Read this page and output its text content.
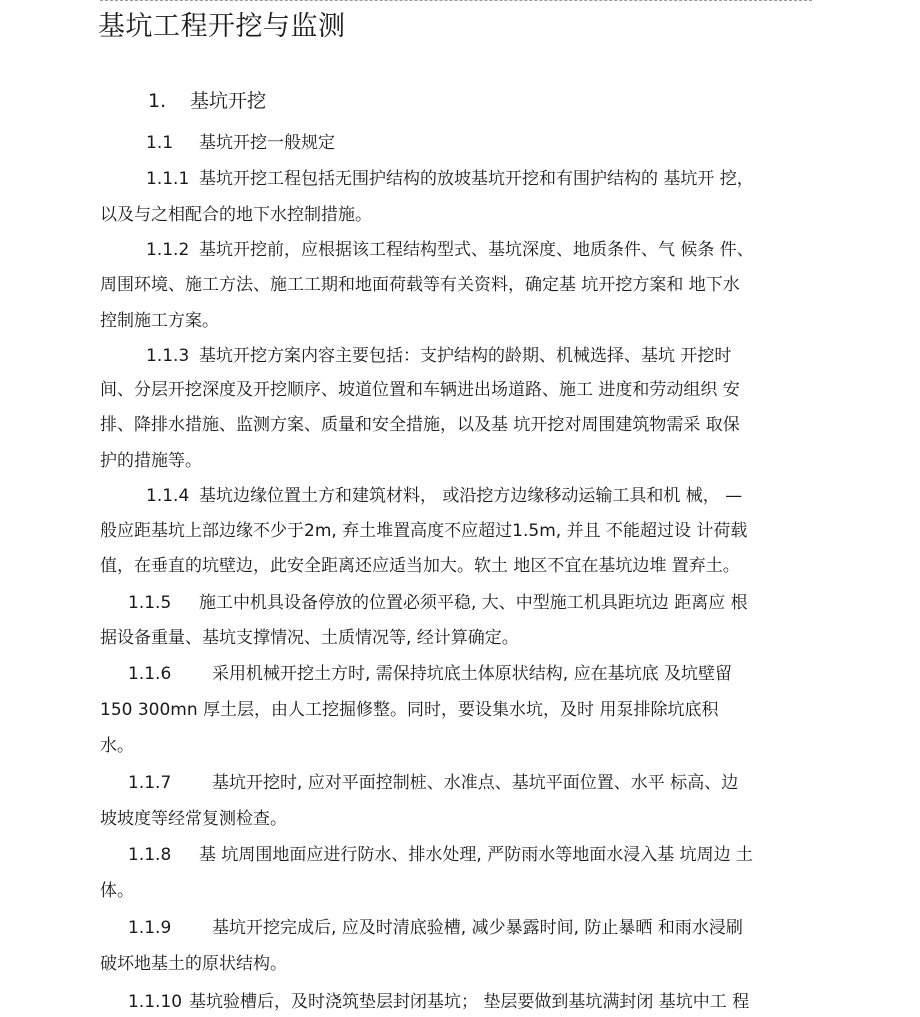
基坑工程开挖与监测
1. 基坑开挖
1.1 基坑开挖一般规定
1.1.1 基坑开挖工程包括无围护结构的放坡基坑开挖和有围护结构的 基坑开 挖，
以及与之相配合的地下水控制措施。
1.1.2 基坑开挖前，应根据该工程结构型式、基坑深度、地质条件、气 候条 件、
周围环境、施工方法、施工工期和地面荷载等有关资料，确定基 坑开挖方案和 地下水
控制施工方案。
1.1.3 基坑开挖方案内容主要包括：支护结构的龄期、机械选择、基坑 开挖时
间、分层开挖深度及开挖顺序、坡道位置和车辆进出场道路、施工 进度和劳动组织 安
排、降排水措施、监测方案、质量和安全措施，以及基 坑开挖对周围建筑物需采 取保
护的措施等。
1.1.4 基坑边缘位置土方和建筑材料， 或沿挖方边缘移动运输工具和机 械， —
般应距基坑上部边缘不少于2m, 弃土堆置高度不应超过1.5m, 并且 不能超过设 计荷载
值，在垂直的坑壁边，此安全距离还应适当加大。软土 地区不宜在基坑边堆 置弃土。
1.1.5 施工中机具设备停放的位置必须平稳, 大、中型施工机具距坑边 距离应 根
据设备重量、基坑支撑情况、土质情况等, 经计算确定。
1.1.6 采用机械开挖土方时, 需保持坑底土体原状结构, 应在基坑底 及坑壁留
150 300mn 厚土层，由人工挖掘修整。同时，要设集水坑，及时 用泵排除坑底积
水。
1.1.7 基坑开挖时, 应对平面控制桩、水准点、基坑平面位置、水平 标高、边
坡坡度等经常复测检查。
1.1.8 基 坑周围地面应进行防水、排水处理, 严防雨水等地面水浸入基 坑周边 土
体。
1.1.9 基坑开挖完成后, 应及时清底验槽, 减少暴露时间, 防止暴晒 和雨水浸刷
破坏地基土的原状结构。
1.1.10 基坑验槽后，及时浇筑垫层封闭基坑； 垫层要做到基坑满封闭 基坑中工 程
